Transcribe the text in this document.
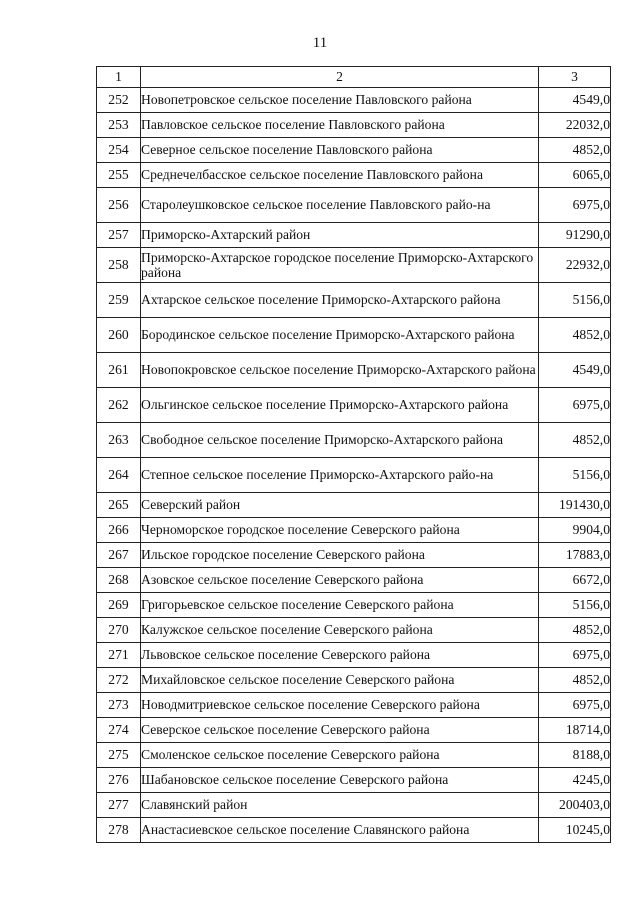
11
1	2	3
252	Новопетровское сельское поселение Павловского района	4549,0
253	Павловское сельское поселение Павловского района	22032,0
254	Северное сельское поселение Павловского района	4852,0
255	Среднечелбасское сельское поселение Павловского района	6065,0
256	Старолеушковское сельское поселение Павловского райо-на	6975,0
257	Приморско-Ахтарский район	91290,0
258	Приморско-Ахтарское городское поселение Приморско-Ахтарского района	22932,0
259	Ахтарское сельское поселение Приморско-Ахтарского района	5156,0
260	Бородинское сельское поселение Приморско-Ахтарского района	4852,0
261	Новопокровское сельское поселение Приморско-Ахтарского района	4549,0
262	Ольгинское сельское поселение Приморско-Ахтарского района	6975,0
263	Свободное сельское поселение Приморско-Ахтарского района	4852,0
264	Степное сельское поселение Приморско-Ахтарского райо-на	5156,0
265	Северский район	191430,0
266	Черноморское городское поселение Северского района	9904,0
267	Ильское городское поселение Северского района	17883,0
268	Азовское сельское поселение Северского района	6672,0
269	Григорьевское сельское поселение Северского района	5156,0
270	Калужское сельское поселение Северского района	4852,0
271	Львовское сельское поселение Северского района	6975,0
272	Михайловское сельское поселение Северского района	4852,0
273	Новодмитриевское сельское поселение Северского района	6975,0
274	Северское сельское поселение Северского района	18714,0
275	Смоленское сельское поселение Северского района	8188,0
276	Шабановское сельское поселение Северского района	4245,0
277	Славянский район	200403,0
278	Анастасиевское сельское поселение Славянского района	10245,0
